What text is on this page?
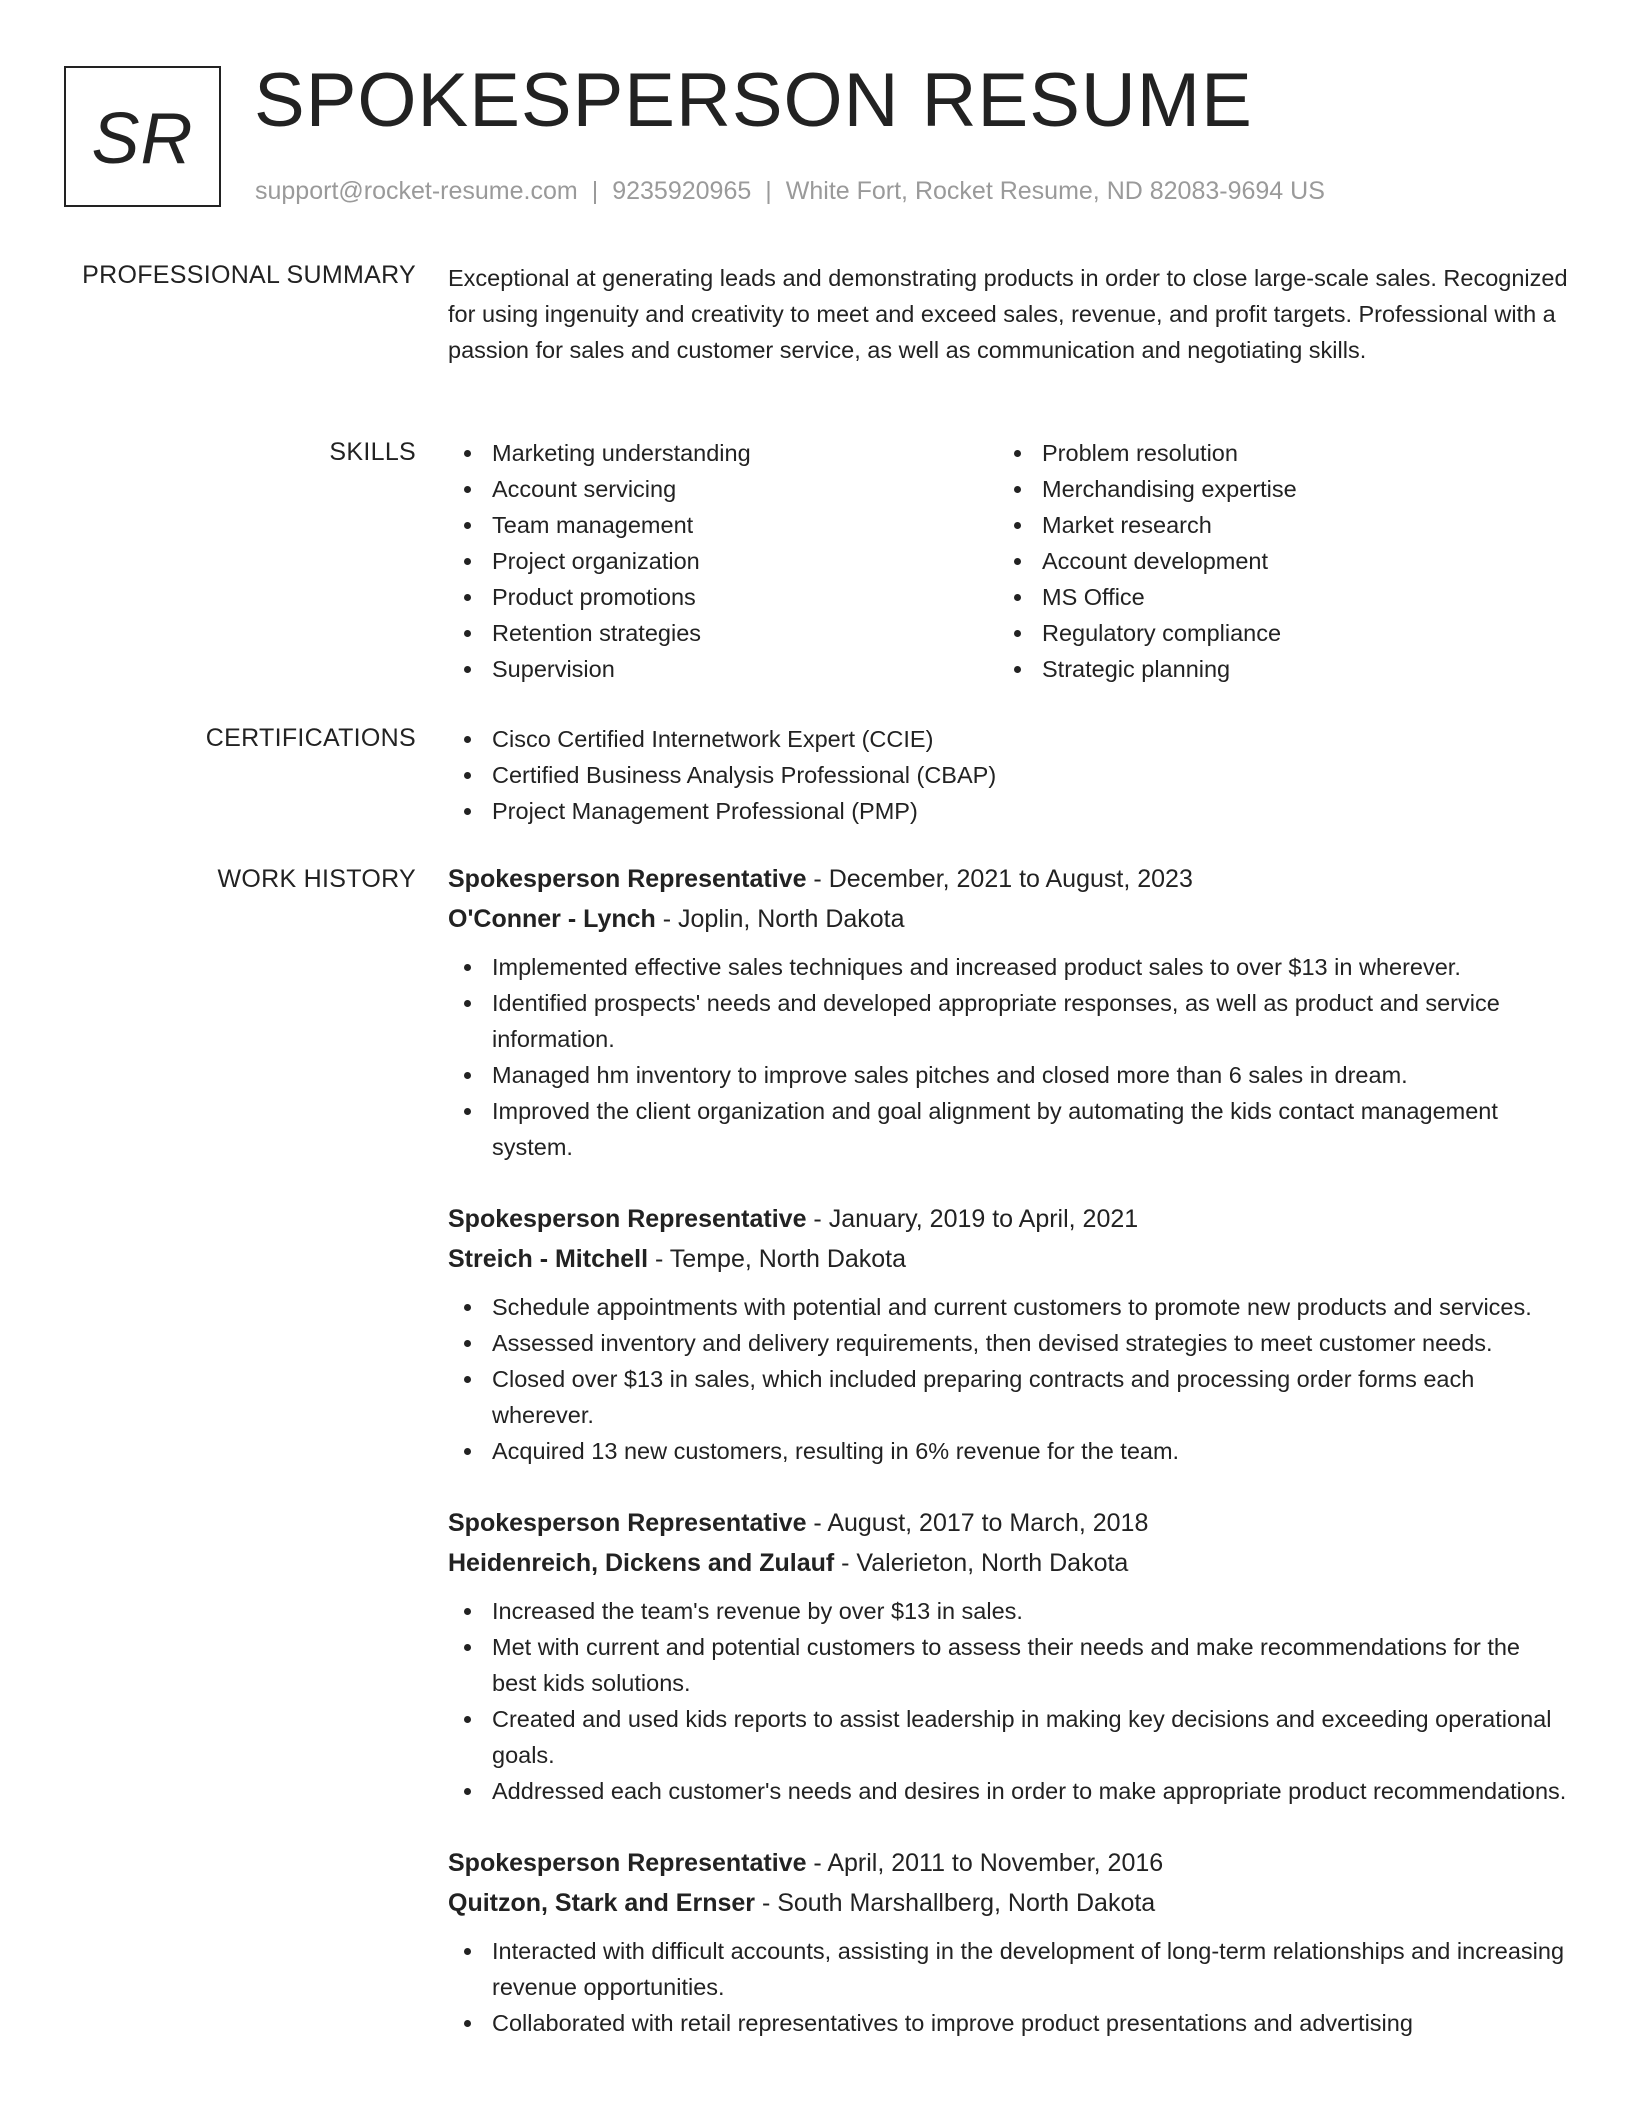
SR SPOKESPERSON RESUME
support@rocket-resume.com | 9235920965 | White Fort, Rocket Resume, ND 82083-9694 US
PROFESSIONAL SUMMARY Exceptional at generating leads and demonstrating products in order to close large-scale sales. Recognized for using ingenuity and creativity to meet and exceed sales, revenue, and profit targets. Professional with a passion for sales and customer service, as well as communication and negotiating skills.

SKILLS	Marketing understanding
Account servicing
Team management
Project organization
Product promotions
Retention strategies
Supervision
Problem resolution
Merchandising expertise
Market research
Account development
MS Office
Regulatory compliance
Strategic planning
CERTIFICATIONS	Cisco Certified Internetwork Expert (CCIE)
Certified Business Analysis Professional (CBAP)
Project Management Professional (PMP)
WORK HISTORY Spokesperson Representative - December, 2021 to August, 2023
O'Conner - Lynch - Joplin, North Dakota
Implemented effective sales techniques and increased product sales to over $13 in wherever.
Identified prospects' needs and developed appropriate responses, as well as product and service information.
Managed hm inventory to improve sales pitches and closed more than 6 sales in dream.
Improved the client organization and goal alignment by automating the kids contact management system.
Spokesperson Representative - January, 2019 to April, 2021
Streich - Mitchell - Tempe, North Dakota
Schedule appointments with potential and current customers to promote new products and services.
Assessed inventory and delivery requirements, then devised strategies to meet customer needs.
Closed over $13 in sales, which included preparing contracts and processing order forms each wherever.
Acquired 13 new customers, resulting in 6% revenue for the team.
Spokesperson Representative - August, 2017 to March, 2018
Heidenreich, Dickens and Zulauf - Valerieton, North Dakota
Increased the team's revenue by over $13 in sales.
Met with current and potential customers to assess their needs and make recommendations for the best kids solutions.
Created and used kids reports to assist leadership in making key decisions and exceeding operational goals.
Addressed each customer's needs and desires in order to make appropriate product recommendations.
Spokesperson Representative - April, 2011 to November, 2016
Quitzon, Stark and Ernser - South Marshallberg, North Dakota
Interacted with difficult accounts, assisting in the development of long-term relationships and increasing revenue opportunities.
Collaborated with retail representatives to improve product presentations and advertising
